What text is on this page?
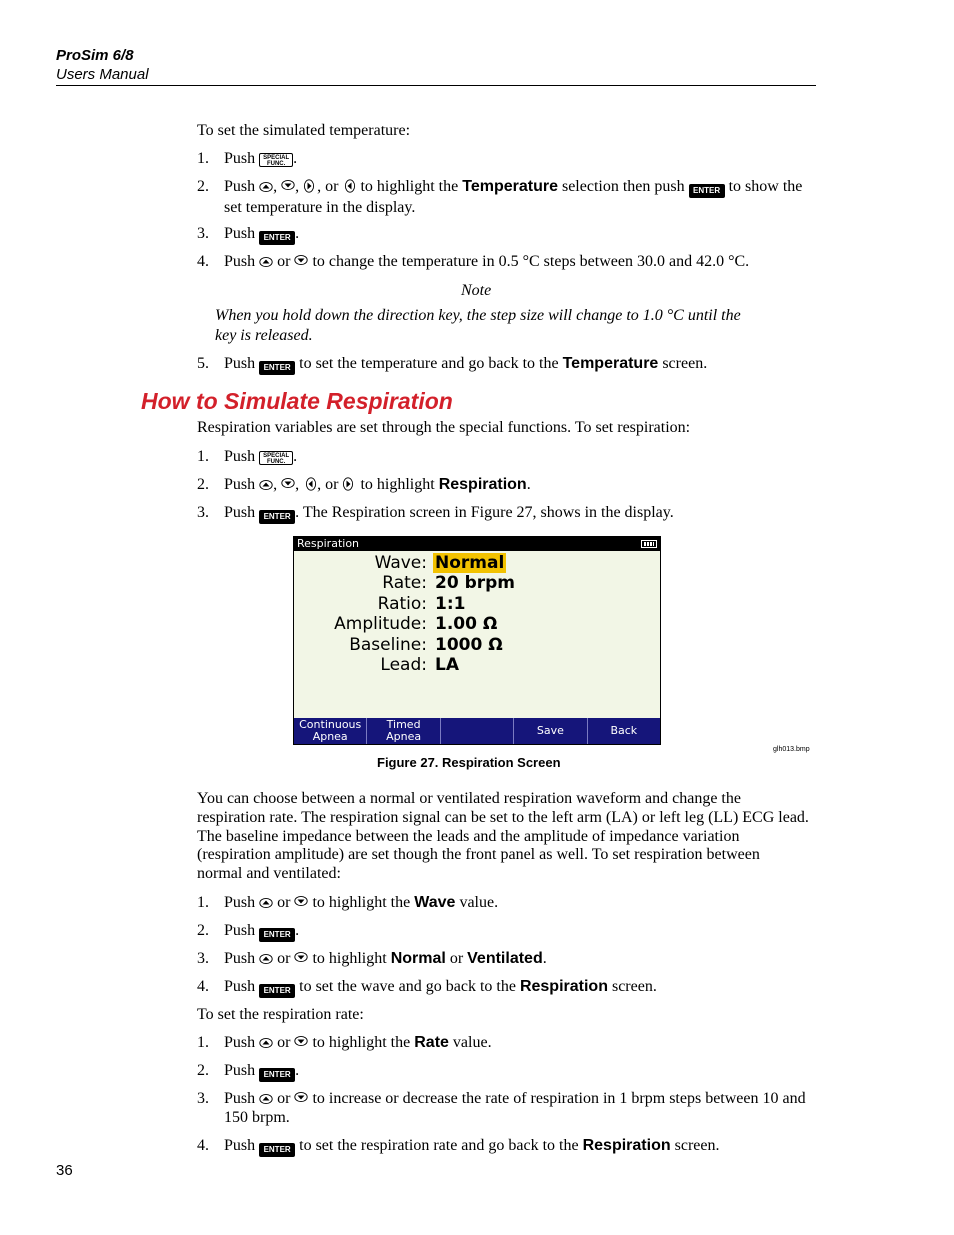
ProSim 6/8
Users Manual
To set the simulated temperature:
1. Push SPECIAL
FUNC. .
2. Push , , , or to highlight the Temperature selection then push ENTER to show the set temperature in the display.
3. Push ENTER .
4. Push or to change the temperature in 0.5 °C steps between 30.0 and 42.0 °C.
Note
When you hold down the direction key, the step size will change to 1.0 °C until the key is released.
5. Push ENTER to set the temperature and go back to the Temperature screen.
How to Simulate Respiration
Respiration variables are set through the special functions. To set respiration:
1. Push SPECIAL
FUNC. .
2. Push , , , or to highlight Respiration.
3. Push ENTER . The Respiration screen in Figure 27, shows in the display.
Respiration
Wave: Normal
Rate: 20 brpm
Ratio: 1:1
Amplitude: 1.00 Ω
Baseline: 1000 Ω
Lead: LA
Continuous
Apnea
Timed
Apnea	Save	Back
glh013.bmp
Figure 27. Respiration Screen
You can choose between a normal or ventilated respiration waveform and change the respiration rate. The respiration signal can be set to the left arm (LA) or left leg (LL) ECG lead. The baseline impedance between the leads and the amplitude of impedance variation (respiration amplitude) are set though the front panel as well. To set respiration between normal and ventilated:
1. Push or to highlight the Wave value.
2. Push ENTER .
3. Push or to highlight Normal or Ventilated.
4. Push ENTER to set the wave and go back to the Respiration screen.
To set the respiration rate:
1. Push or to highlight the Rate value.
2. Push ENTER .
3. Push or to increase or decrease the rate of respiration in 1 brpm steps between 10 and 150 brpm.
4. Push ENTER to set the respiration rate and go back to the Respiration screen.
36
